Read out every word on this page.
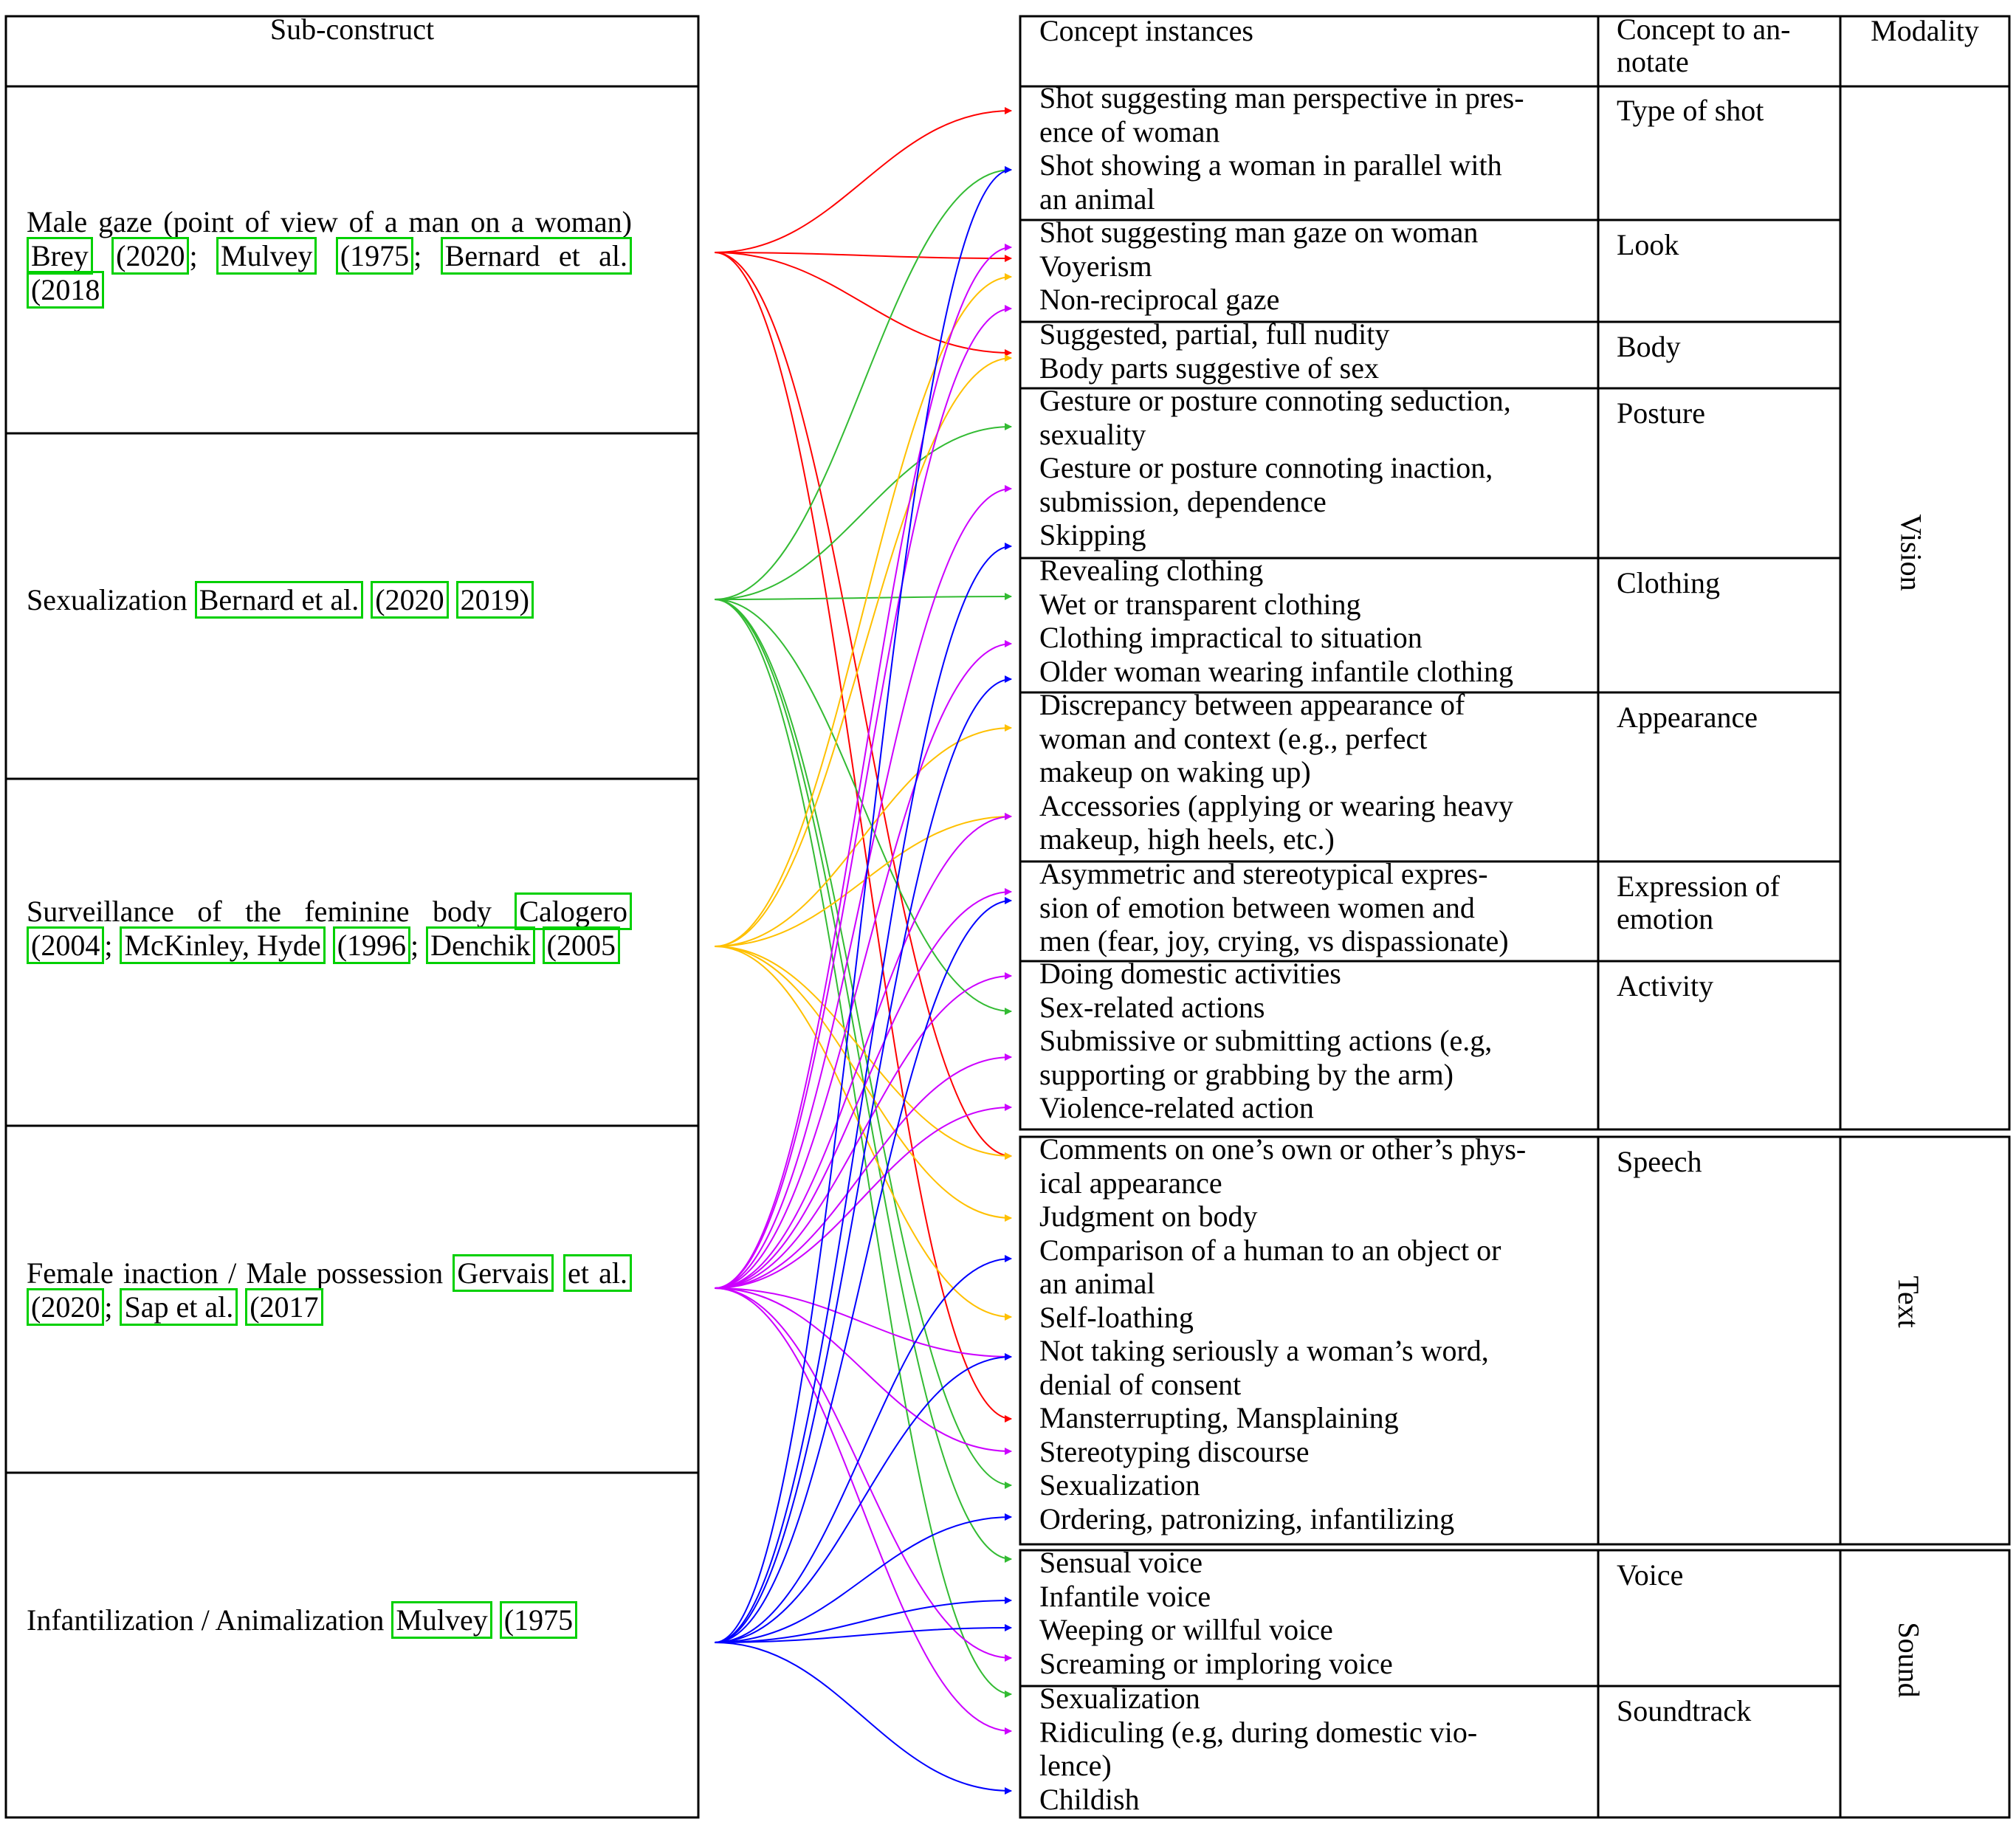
Sub-construct	Concept instances	Concept to an-
notate
Modality
Male gaze (point of view of a man on a woman) Brey (2020 ; Mulvey (1975 ; Bernard et al. (2018
Sexualization Bernard et al. (2020 2019)
Surveillance of the feminine body Calogero (2004 ; McKinley, Hyde (1996 ; Denchik (2005
Female inaction / Male possession Gervais et al. (2020 ; Sap et al. (2017
Infantilization / Animalization Mulvey (1975
Shot suggesting man perspective in pres-
ence of woman
Shot showing a woman in parallel with
an animal
Type of shot
Shot suggesting man gaze on woman
Voyerism
Non-reciprocal gaze
Look
Suggested, partial, full nudity
Body parts suggestive of sex
Body
Gesture or posture connoting seduction,
sexuality
Gesture or posture connoting inaction,
submission, dependence
Skipping
Posture
Revealing clothing
Wet or transparent clothing
Clothing impractical to situation
Older woman wearing infantile clothing
Clothing
Discrepancy between appearance of
woman and context (e.g., perfect
makeup on waking up)
Accessories (applying or wearing heavy
makeup, high heels, etc.)
Appearance
Asymmetric and stereotypical expres-
sion of emotion between women and
men (fear, joy, crying, vs dispassionate)
Expression of emotion
Doing domestic activities
Sex-related actions
Submissive or submitting actions (e.g,
supporting or grabbing by the arm)
Violence-related action
Activity
Comments on one’s own or other’s phys-
ical appearance
Judgment on body
Comparison of a human to an object or
an animal
Self-loathing
Not taking seriously a woman’s word,
denial of consent
Mansterrupting, Mansplaining
Stereotyping discourse
Sexualization
Ordering, patronizing, infantilizing
Speech
Sensual voice
Infantile voice
Weeping or willful voice
Screaming or imploring voice
Voice
Sexualization
Ridiculing (e.g, during domestic vio-
lence)
Childish
Soundtrack
Vision
Text
Sound
